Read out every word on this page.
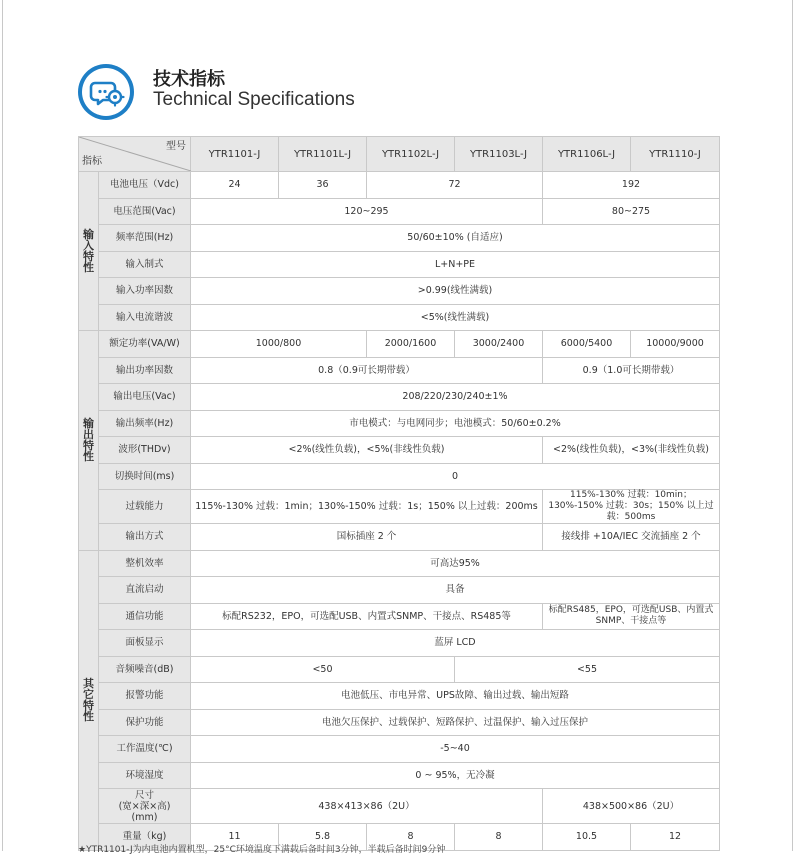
技术指标
Technical Specifications
型号
指标		YTR1101-J	YTR1101L-J	YTR1102L-J	YTR1103L-J	YTR1106L-J	YTR1110-J

输入特性	电池电压（Vdc)	24	36	72		192	
	电压范围(Vac)	120~295				80~275	
	频率范围(Hz)	50/60±10% (自适应)					
	输入制式	L+N+PE					
	输入功率因数	>0.99(线性满载)					
	输入电流谐波	<5%(线性满载)					

输出特性	额定功率(VA/W)	1000/800		2000/1600	3000/2400	6000/5400	10000/9000
	输出功率因数	0.8（0.9可长期带载）				0.9（1.0可长期带载）	
	输出电压(Vac)	208/220/230/240±1%					
	输出频率(Hz)	市电模式：与电网同步；电池模式：50/60±0.2%					
	波形(THDv)	<2%(线性负载)，<5%(非线性负载)				<2%(线性负载)，<3%(非线性负载)	
	切换时间(ms)	0					
	过载能力	115%-130% 过载：1min；130%-150% 过载：1s；150% 以上过载：200ms				115%-130% 过载：10min；130%-150% 过载：30s；150% 以上过载：500ms	
	输出方式	国标插座 2 个				接线排 +10A/IEC 交流插座 2 个	

其它特性	整机效率	可高达95%					
	直流启动	具备					
	通信功能	标配RS232，EPO，可选配USB、内置式SNMP、干接点、RS485等				标配RS485，EPO，可选配USB、内置式SNMP、干接点等	
	面板显示	蓝屏 LCD					
	音频噪音(dB)	<50			<55		
	报警功能	电池低压、市电异常、UPS故障、输出过载、输出短路					
	保护功能	电池欠压保护、过载保护、短路保护、过温保护、输入过压保护					
	工作温度(℃)	-5~40					
	环境湿度	0 ~ 95%，无冷凝					

	尺寸
(宽×深×高)
(mm)	438×413×86（2U）				438×500×86（2U）	
	重量（kg)	11	5.8	8	8	10.5	12
★YTR1101-J为内电池内置机型，25°C环境温度下满载后备时间3分钟，半载后备时间9分钟
